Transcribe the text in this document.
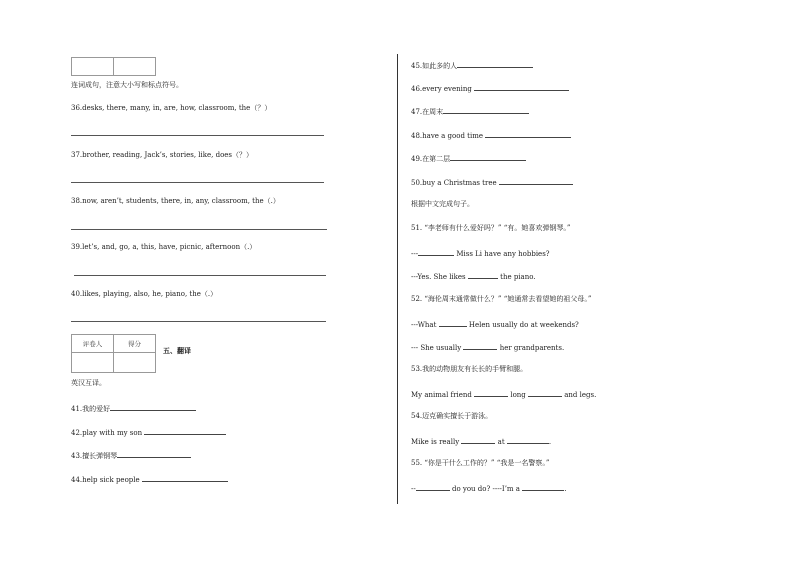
连词成句，注意大小写和标点符号。
36.desks, there, many, in, are, how, classroom, the（？）
37.brother, reading, Jack’s, stories, like, does（？）
38.now, aren’t, students, there, in, any, classroom, the（.）
39.let’s, and, go, a, this, have, picnic, afternoon（.）
40.likes, playing, also, he, piano, the（.）
评卷人	得分

五、翻译
英汉互译。
41.我的爱好
42.play with my son
43.擅长弹钢琴
44.help sick people
45.如此多的人
46.every evening
47.在周末
48.have a good time
49.在第二层
50.buy a Christmas tree
根据中文完成句子。
51. “李老师有什么爱好吗？” “有。她喜欢弹钢琴。”
---	Miss Li have any hobbies?
---Yes. She likes	the piano.
52. “海伦周末通常做什么？” “她通常去看望她的祖父母。”
---What	Helen usually do at weekends?
--- She usually	her grandparents.
53.我的动物朋友有长长的手臂和腿。
My animal friend	long	and legs.
54.迈克确实擅长于游泳。
Mike is really	at	.
55. “你是干什么工作的？” “我是一名警察。”
--	do you do? ----I’m a	.
